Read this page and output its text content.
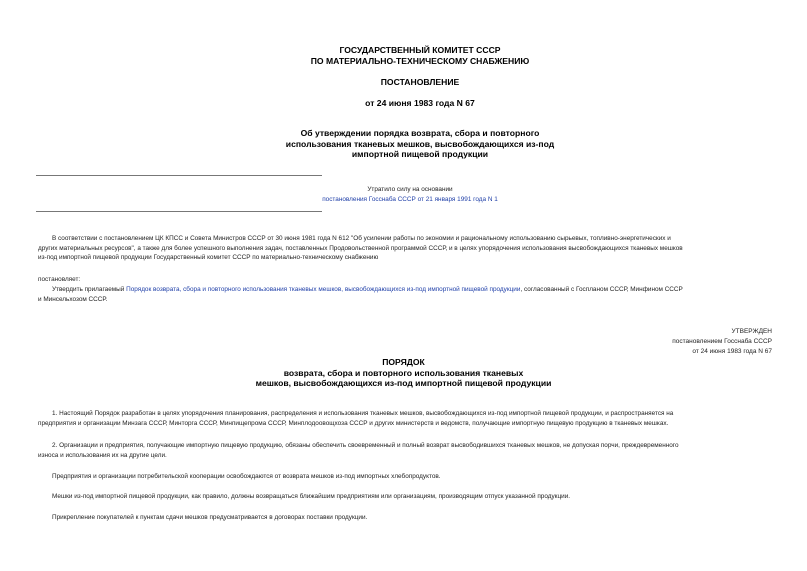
ГОСУДАРСТВЕННЫЙ КОМИТЕТ СССР
ПО МАТЕРИАЛЬНО-ТЕХНИЧЕСКОМУ СНАБЖЕНИЮ
ПОСТАНОВЛЕНИЕ
от 24 июня 1983 года N 67
Об утверждении порядка возврата, сбора и повторного
использования тканевых мешков, высвобождающихся из-под
импортной пищевой продукции
Утратило силу на основании
постановления Госснаба СССР от 21 января 1991 года N 1
В соответствии с постановлением ЦК КПСС и Совета Министров СССР от 30 июня 1981 года N 612 "Об усилении работы по экономии и рациональному использованию сырьевых, топливно-энергетических и
других материальных ресурсов", а также для более успешного выполнения задач, поставленных Продовольственной программой СССР, и в целях упорядочения использования высвобождающихся тканевых мешков
из-под импортной пищевой продукции Государственный комитет СССР по материально-техническому снабжению
постановляет:
Утвердить прилагаемый Порядок возврата, сбора и повторного использования тканевых мешков, высвобождающихся из-под импортной пищевой продукции, согласованный с Госпланом СССР, Минфином СССР
и Минсельхозом СССР.
УТВЕРЖДЕН
постановлением Госснаба СССР
от 24 июня 1983 года N 67
ПОРЯДОК
возврата, сбора и повторного использования тканевых
мешков, высвобождающихся из-под импортной пищевой продукции
1. Настоящий Порядок разработан в целях упорядочения планирования, распределения и использования тканевых мешков, высвобождающихся из-под импортной пищевой продукции, и распространяется на
предприятия и организации Минзага СССР, Минторга СССР, Минпищепрома СССР, Минплодоовощхоза СССР и других министерств и ведомств, получающие импортную пищевую продукцию в тканевых мешках.
2. Организации и предприятия, получающие импортную пищевую продукцию, обязаны обеспечить своевременный и полный возврат высвободившихся тканевых мешков, не допуская порчи, преждевременного
износа и использования их на другие цели.
Предприятия и организации потребительской кооперации освобождаются от возврата мешков из-под импортных хлебопродуктов.
Мешки из-под импортной пищевой продукции, как правило, должны возвращаться ближайшим предприятиям или организациям, производящим отпуск указанной продукции.
Прикрепление покупателей к пунктам сдачи мешков предусматривается в договорах поставки продукции.
